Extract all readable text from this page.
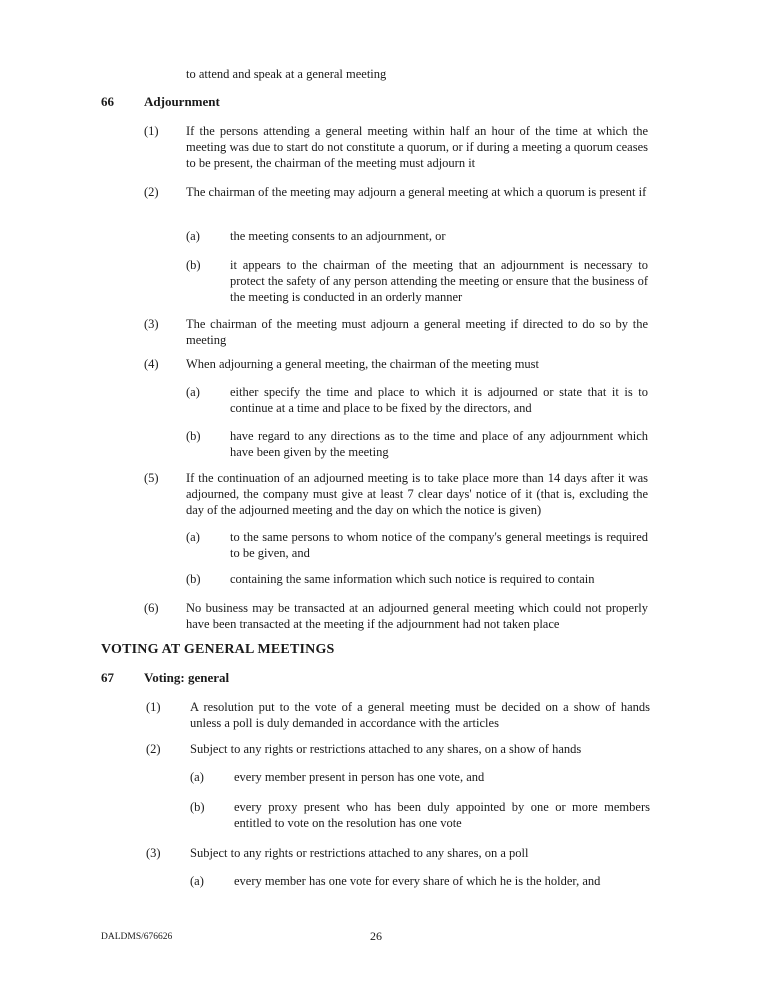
to attend and speak at a general meeting
66 Adjournment
(1) If the persons attending a general meeting within half an hour of the time at which the meeting was due to start do not constitute a quorum, or if during a meeting a quorum ceases to be present, the chairman of the meeting must adjourn it
(2) The chairman of the meeting may adjourn a general meeting at which a quorum is present if
(a) the meeting consents to an adjournment, or
(b) it appears to the chairman of the meeting that an adjournment is necessary to protect the safety of any person attending the meeting or ensure that the business of the meeting is conducted in an orderly manner
(3) The chairman of the meeting must adjourn a general meeting if directed to do so by the meeting
(4) When adjourning a general meeting, the chairman of the meeting must
(a) either specify the time and place to which it is adjourned or state that it is to continue at a time and place to be fixed by the directors, and
(b) have regard to any directions as to the time and place of any adjournment which have been given by the meeting
(5) If the continuation of an adjourned meeting is to take place more than 14 days after it was adjourned, the company must give at least 7 clear days' notice of it (that is, excluding the day of the adjourned meeting and the day on which the notice is given)
(a) to the same persons to whom notice of the company's general meetings is required to be given, and
(b) containing the same information which such notice is required to contain
(6) No business may be transacted at an adjourned general meeting which could not properly have been transacted at the meeting if the adjournment had not taken place
VOTING AT GENERAL MEETINGS
67 Voting: general
(1) A resolution put to the vote of a general meeting must be decided on a show of hands unless a poll is duly demanded in accordance with the articles
(2) Subject to any rights or restrictions attached to any shares, on a show of hands
(a) every member present in person has one vote, and
(b) every proxy present who has been duly appointed by one or more members entitled to vote on the resolution has one vote
(3) Subject to any rights or restrictions attached to any shares, on a poll
(a) every member has one vote for every share of which he is the holder, and
DALDMS/676626	26
